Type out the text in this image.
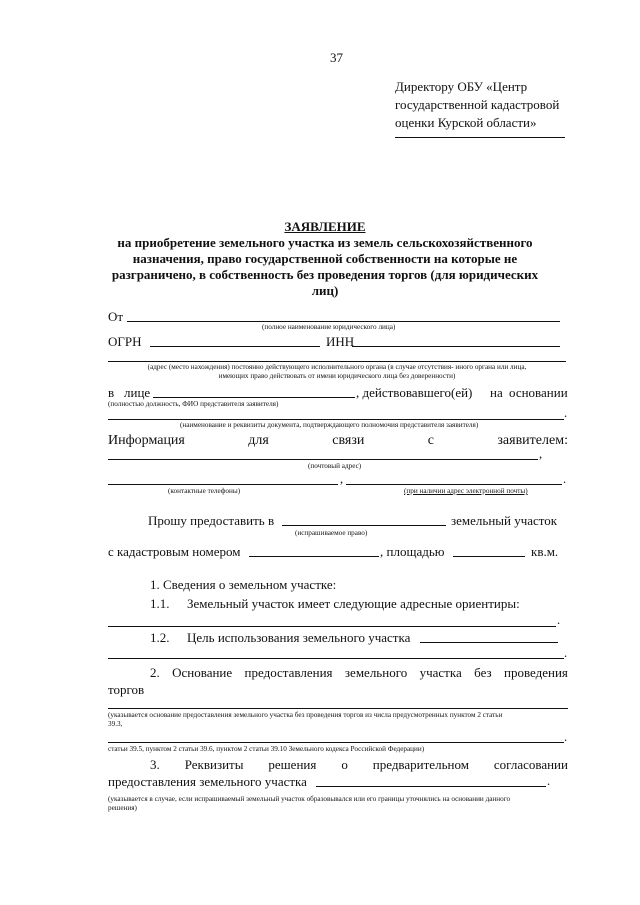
37
Директору ОБУ «Центр
государственной кадастровой
оценки Курской области»
ЗАЯВЛЕНИЕ
на приобретение земельного участка из земель сельскохозяйственного
назначения, право государственной собственности на которые не
разграничено, в собственность без проведения торгов (для юридических
лиц)
От
(полное наименование юридического лица)
ОГРН	ИНН
(адрес (место нахождения) постоянно действующего исполнительного органа (в случае отсутствия- иного органа или лица,
имеющих право действовать от имени юридического лица без доверенности)
в лице	, действовавшего(ей) на основании
(полностью должность, ФИО представителя заявителя)
.
(наименование и реквизиты документа, подтверждающего полномочия представителя заявителя)
Информация	для	связи	с	заявителем:
,
(почтовый адрес)
,	.
(контактные телефоны)	(при наличии адрес электронной почты)
Прошу предоставить в	земельный участок
(испрашиваемое право)
с кадастровым номером	, площадью	кв.м.
1. Сведения о земельном участке:
1.1. Земельный участок имеет следующие адресные ориентиры:
.
1.2. Цель использования земельного участка
.
2. Основание предоставления земельного участка без проведения
торгов
(указывается основание предоставления земельного участка без проведения торгов из числа предусмотренных пунктом 2 статьи
39.3,
.
статьи 39.5, пунктом 2 статьи 39.6, пунктом 2 статьи 39.10 Земельного кодекса Российской Федерации)
3. Реквизиты решения о предварительном согласовании
предоставления земельного участка	.
(указывается в случае, если испрашиваемый земельный участок образовывался или его границы уточнялись на основании данного
решения)
